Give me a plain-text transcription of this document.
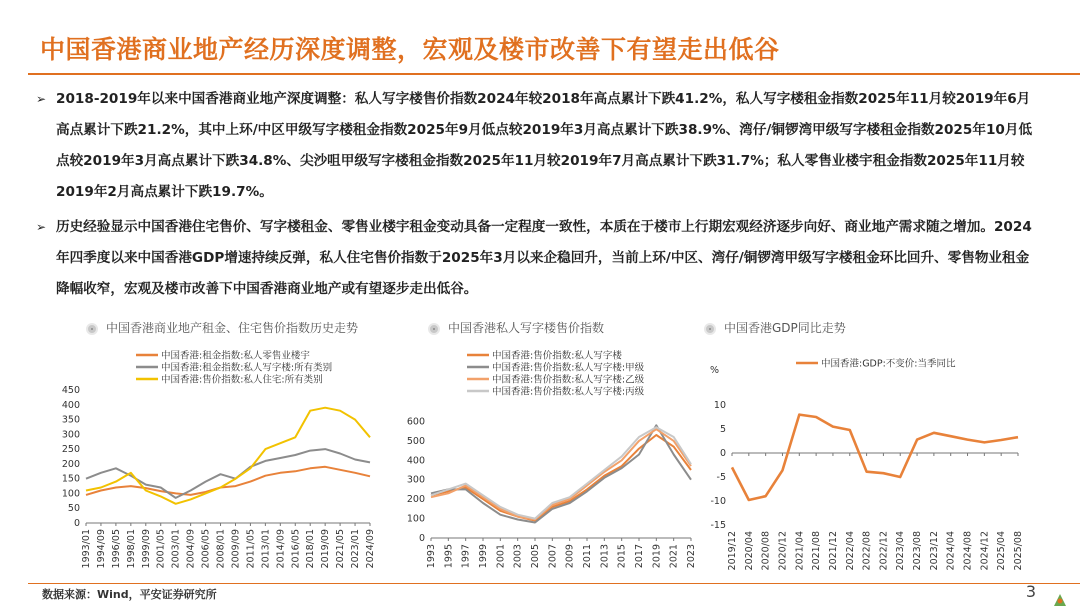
中国香港商业地产经历深度调整，宏观及楼市改善下有望走出低谷
➢ 2018-2019年以来中国香港商业地产深度调整：私人写字楼售价指数2024年较2018年高点累计下跌41.2%，私人写字楼租金指数2025年11月较2019年6月高点累计下跌21.2%，其中上环/中区甲级写字楼租金指数2025年9月低点较2019年3月高点累计下跌38.9%、湾仔/铜锣湾甲级写字楼租金指数2025年10月低点较2019年3月高点累计下跌34.8%、尖沙咀甲级写字楼租金指数2025年11月较2019年7月高点累计下跌31.7%；私人零售业楼宇租金指数2025年11月较2019年2月高点累计下跌19.7%。
➢ 历史经验显示中国香港住宅售价、写字楼租金、零售业楼宇租金变动具备一定程度一致性，本质在于楼市上行期宏观经济逐步向好、商业地产需求随之增加。2024年四季度以来中国香港GDP增速持续反弹，私人住宅售价指数于2025年3月以来企稳回升，当前上环/中区、湾仔/铜锣湾甲级写字楼租金环比回升、零售物业租金降幅收窄，宏观及楼市改善下中国香港商业地产或有望逐步走出低谷。
中国香港商业地产租金、住宅售价指数历史走势	中国香港私人写字楼售价指数	中国香港GDP同比走势
0
50
100
150
200
250
300
350
400
450
1993/01 1994/09 1996/05 1998/01 1999/09 2001/05 2003/01 2004/09 2006/05 2008/01 2009/09 2011/05 2013/01 2014/09 2016/05 2018/01 2019/09 2021/05 2023/01 2024/09
中国香港:租金指数:私人零售业楼宇
中国香港:租金指数:私人写字楼:所有类别
中国香港:售价指数:私人住宅:所有类别
0
100
200
300
400
500
600
1993 1995 1997 1999 2001 2003 2005 2007 2009 2011 2013 2015 2017 2019 2021 2023
中国香港:售价指数:私人写字楼
中国香港:售价指数:私人写字楼:甲级
中国香港:售价指数:私人写字楼:乙级
中国香港:售价指数:私人写字楼:丙级
-15
-10
-5
0
5
10
%
2019/12 2020/04 2020/08 2020/12 2021/04 2021/08 2021/12 2022/04 2022/08 2022/12 2023/04 2023/08 2023/12 2024/04 2024/08 2024/12 2025/04 2025/08
中国香港:GDP:不变价:当季同比
数据来源：Wind，平安证券研究所	3
